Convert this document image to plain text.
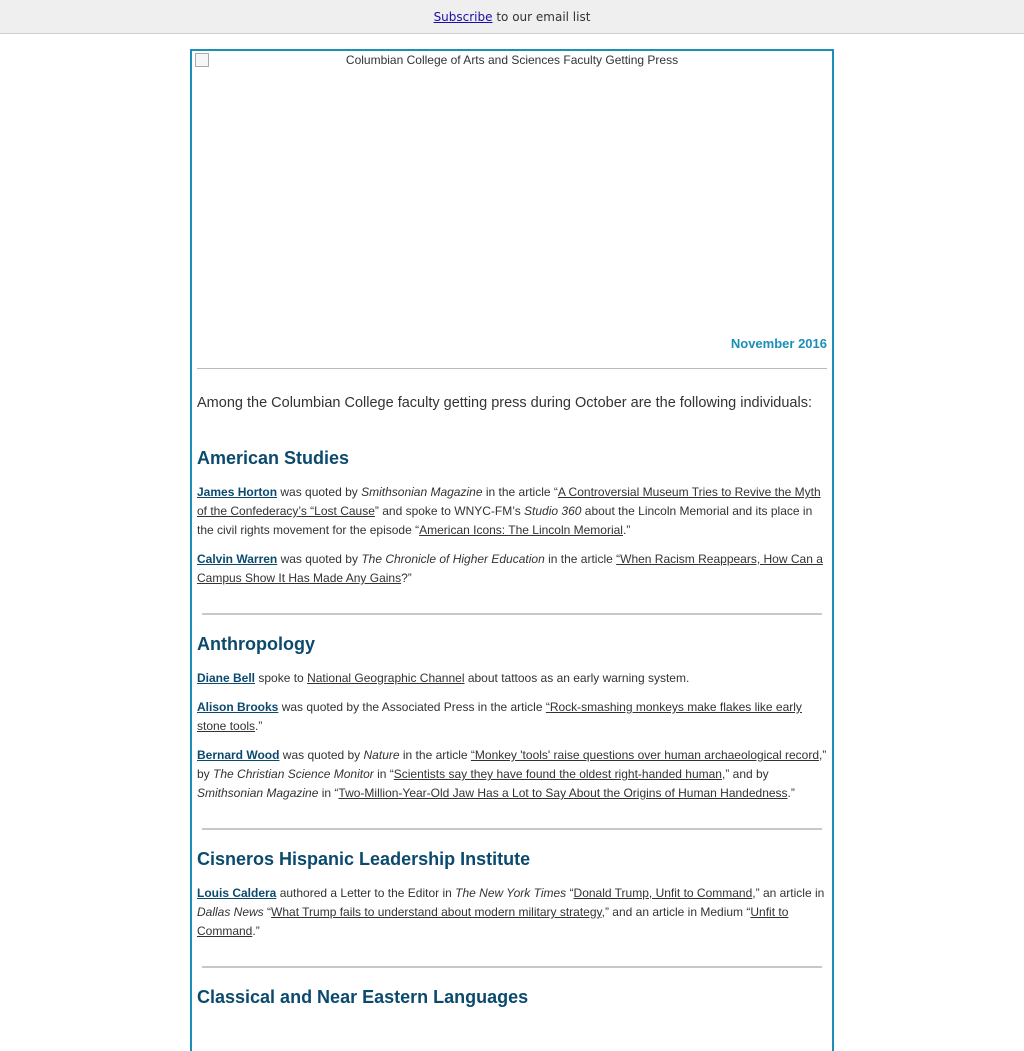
Subscribe to our email list
Columbian College of Arts and Sciences Faculty Getting Press
November 2016

Among the Columbian College faculty getting press during October are the following individuals:

American Studies

James Horton was quoted by Smithsonian Magazine in the article “A Controversial Museum Tries to Revive the Myth of the Confederacy’s “Lost Cause” and spoke to WNYC-FM’s Studio 360 about the Lincoln Memorial and its place in the civil rights movement for the episode “American Icons: The Lincoln Memorial.”

Calvin Warren was quoted by The Chronicle of Higher Education in the article “When Racism Reappears, How Can a Campus Show It Has Made Any Gains?”

Anthropology

Diane Bell spoke to National Geographic Channel about tattoos as an early warning system.

Alison Brooks was quoted by the Associated Press in the article “Rock-smashing monkeys make flakes like early stone tools.”

Bernard Wood was quoted by Nature in the article “Monkey 'tools' raise questions over human archaeological record,” by The Christian Science Monitor in “Scientists say they have found the oldest right-handed human,” and by Smithsonian Magazine in “Two-Million-Year-Old Jaw Has a Lot to Say About the Origins of Human Handedness.”

Cisneros Hispanic Leadership Institute

Louis Caldera authored a Letter to the Editor in The New York Times “Donald Trump, Unfit to Command,” an article in Dallas News “What Trump fails to understand about modern military strategy,” and an article in Medium “Unfit to Command.”

Classical and Near Eastern Languages
